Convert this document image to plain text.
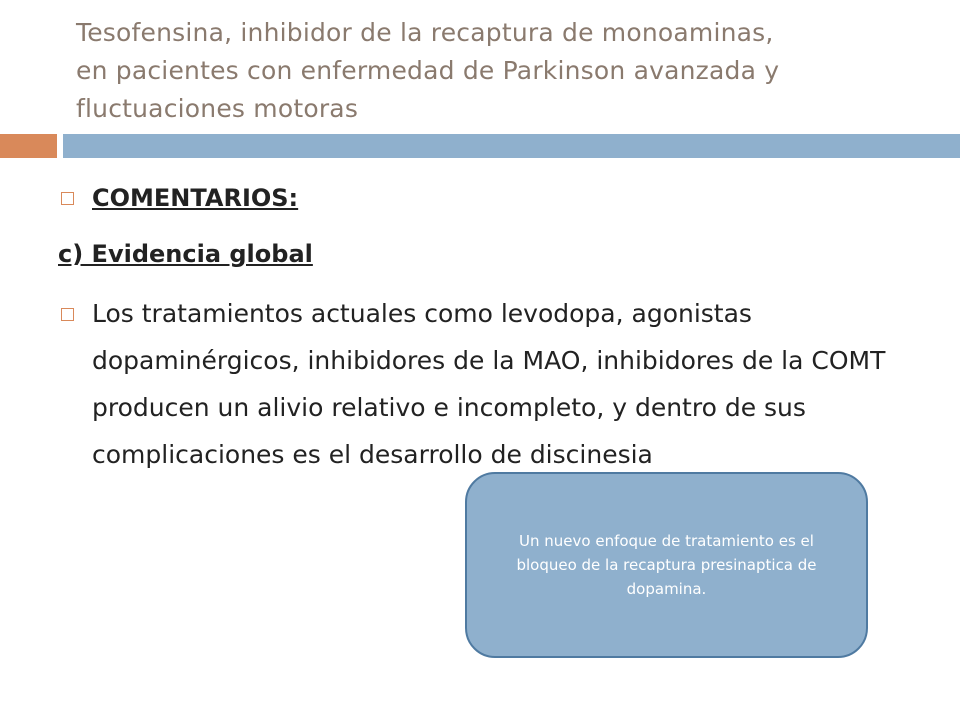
Tesofensina, inhibidor de la recaptura de monoaminas,
en pacientes con enfermedad de Parkinson avanzada y
fluctuaciones motoras
COMENTARIOS:
c) Evidencia global
Los tratamientos actuales como levodopa, agonistas dopaminérgicos, inhibidores de la MAO, inhibidores de la COMT producen un alivio relativo e incompleto, y dentro de sus complicaciones es el desarrollo de discinesia
Un nuevo enfoque de tratamiento es el bloqueo de la recaptura presinaptica de dopamina.
